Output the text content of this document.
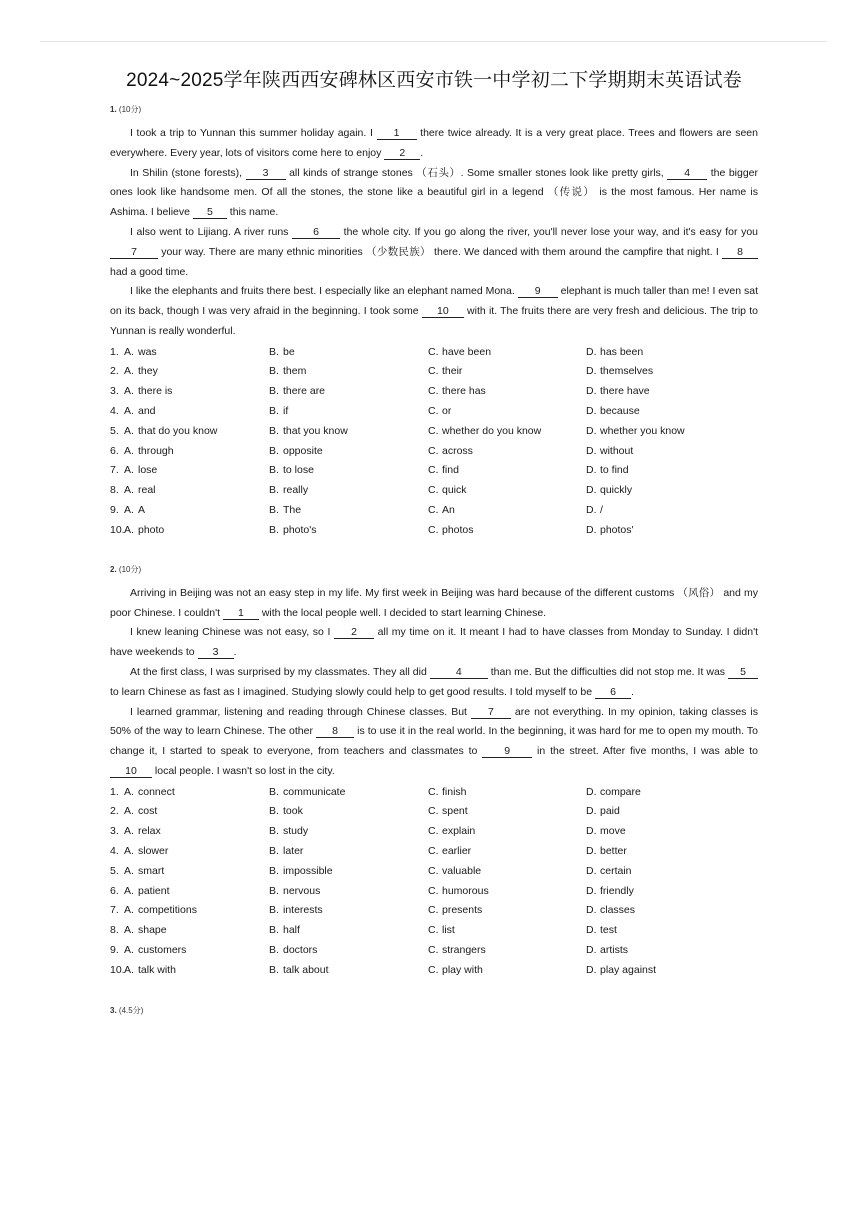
2024~2025学年陕西西安碑林区西安市铁一中学初二下学期期末英语试卷
1. (10分)

I took a trip to Yunnan this summer holiday again. I 1 there twice already. It is a very great place. Trees and flowers are seen everywhere. Every year, lots of visitors come here to enjoy 2 .

In Shilin (stone forests), 3 all kinds of strange stones （石头）. Some smaller stones look like pretty girls, 4 the bigger ones look like handsome men. Of all the stones, the stone like a beautiful girl in a legend （传说） is the most famous. Her name is Ashima. I believe 5 this name.

I also went to Lijiang. A river runs 6 the whole city. If you go along the river, you'll never lose your way, and it's easy for you 7 your way. There are many ethnic minorities （少数民族） there. We danced with them around the campfire that night. I 8 had a good time.

I like the elephants and fruits there best. I especially like an elephant named Mona. 9 elephant is much taller than me! I even sat on its back, though I was very afraid in the beginning. I took some 10 with it. The fruits there are very fresh and delicious. The trip to Yunnan is really wonderful.

1. A. was	B. be	C. have been	D. has been
2. A. they	B. them	C. their	D. themselves
3. A. there is	B. there are	C. there has	D. there have
4. A. and	B. if	C. or	D. because
5. A. that do you know	B. that you know	C. whether do you know	D. whether you know
6. A. through	B. opposite	C. across	D. without
7. A. lose	B. to lose	C. find	D. to find
8. A. real	B. really	C. quick	D. quickly
9. A. A	B. The	C. An	D. /
10.A. photo	B. photo's	C. photos	D. photos'
2. (10分)

Arriving in Beijing was not an easy step in my life. My first week in Beijing was hard because of the different customs （风俗） and my poor Chinese. I couldn't 1 with the local people well. I decided to start learning Chinese.

I knew leaning Chinese was not easy, so I 2 all my time on it. It meant I had to have classes from Monday to Sunday. I didn't have weekends to 3 .

At the first class, I was surprised by my classmates. They all did 4 than me. But the difficulties did not stop me. It was 5 to learn Chinese as fast as I imagined. Studying slowly could help to get good results. I told myself to be 6 .

I learned grammar, listening and reading through Chinese classes. But 7 are not everything. In my opinion, taking classes is 50% of the way to learn Chinese. The other 8 is to use it in the real world. In the beginning, it was hard for me to open my mouth. To change it, I started to speak to everyone, from teachers and classmates to 9 in the street. After five months, I was able to 10 local people. I wasn't so lost in the city.

1. A. connect	B. communicate	C. finish	D. compare
2. A. cost	B. took	C. spent	D. paid
3. A. relax	B. study	C. explain	D. move
4. A. slower	B. later	C. earlier	D. better
5. A. smart	B. impossible	C. valuable	D. certain
6. A. patient	B. nervous	C. humorous	D. friendly
7. A. competitions	B. interests	C. presents	D. classes
8. A. shape	B. half	C. list	D. test
9. A. customers	B. doctors	C. strangers	D. artists
10.A. talk with	B. talk about	C. play with	D. play against
3. (4.5分)
